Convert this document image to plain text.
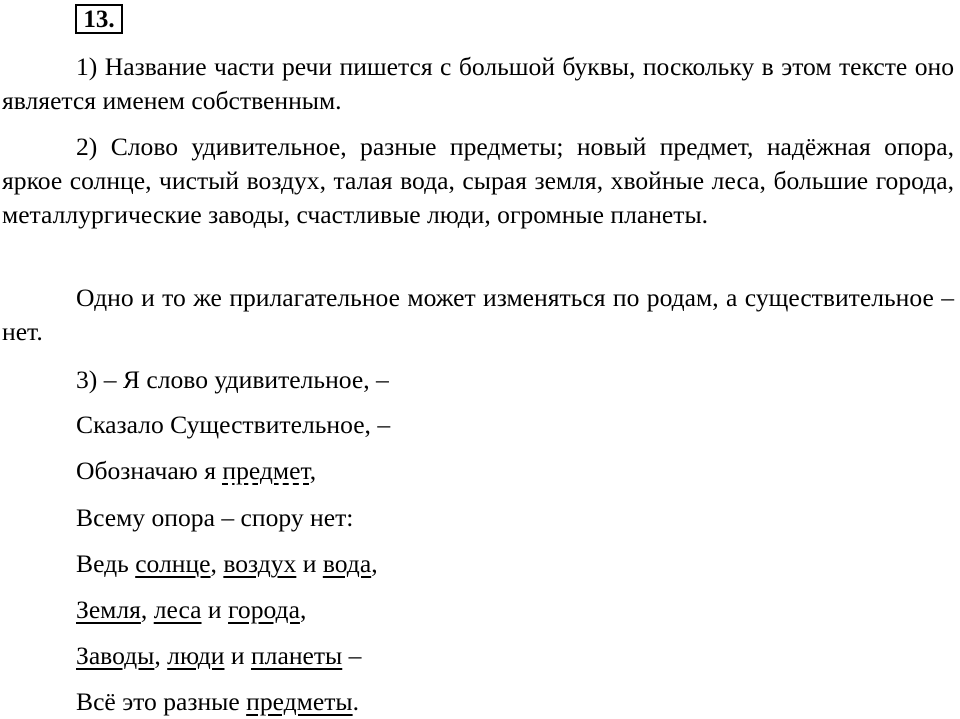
13.

1) Название части речи пишется с большой буквы, поскольку в этом тексте оно является именем собственным.

2) Слово удивительное, разные предметы; новый предмет, надёжная опора, яркое солнце, чистый воздух, талая вода, сырая земля, хвойные леса, большие города, металлургические заводы, счастливые люди, огромные планеты.

Одно и то же прилагательное может изменяться по родам, а существительное – нет.

3) – Я слово удивительное, –

Сказало Существительное, –

Обозначаю я предмет,

Всему опора – спору нет:

Ведь солнце, воздух и вода,

Земля, леса и города,

Заводы, люди и планеты –

Всё это разные предметы.
